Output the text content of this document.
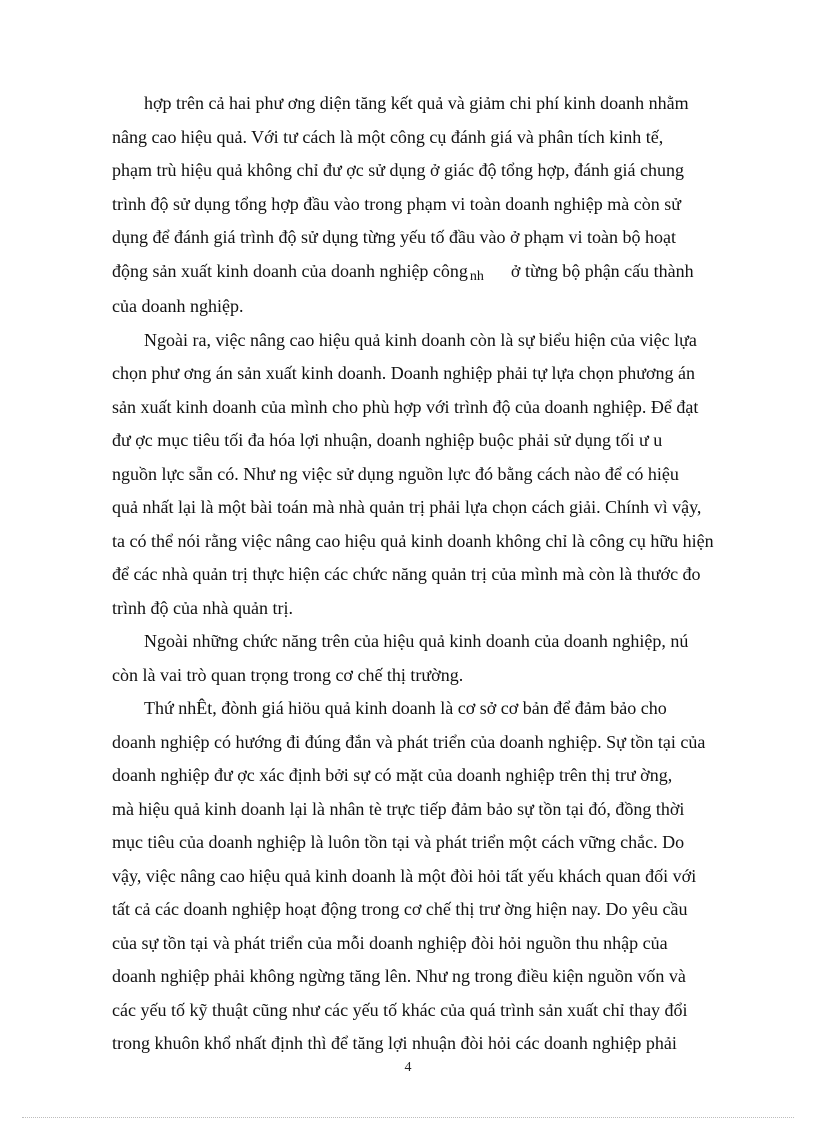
hợp trên cả hai phư ơng diện tăng kết quả và giảm chi phí kinh doanh nhằm
nâng cao hiệu quả. Với tư cách là một công cụ đánh giá và phân tích kinh tế,
phạm trù hiệu quả không chỉ đư ợc sử dụng ở giác độ tổng hợp, đánh giá chung
trình độ sử dụng tổng hợp đầu vào trong phạm vi toàn doanh nghiệp mà còn sử
dụng để đánh giá trình độ sử dụng từng yếu tố đầu vào ở phạm vi toàn bộ hoạt
động sản xuất kinh doanh của doanh nghiệp công nh ở từng bộ phận cấu thành
của doanh nghiệp.
Ngoài ra, việc nâng cao hiệu quả kinh doanh còn là sự biểu hiện của việc lựa
chọn phư ơng án sản xuất kinh doanh. Doanh nghiệp phải tự lựa chọn phương án
sản xuất kinh doanh của mình cho phù hợp với trình độ của doanh nghiệp. Để đạt
đư ợc mục tiêu tối đa hóa lợi nhuận, doanh nghiệp buộc phải sử dụng tối ư u
nguồn lực sẵn có. Như ng việc sử dụng nguồn lực đó bằng cách nào để có hiệu
quả nhất lại là một bài toán mà nhà quản trị phải lựa chọn cách giải. Chính vì vậy,
ta có thể nói rằng việc nâng cao hiệu quả kinh doanh không chỉ là công cụ hữu hiện
để các nhà quản trị thực hiện các chức năng quản trị của mình mà còn là thước đo
trình độ của nhà quản trị.
Ngoài những chức năng trên của hiệu quả kinh doanh của doanh nghiệp, nú
còn là vai trò quan trọng trong cơ chế thị trường.
Thứ nhÊt, đònh giá hiöu quả kinh doanh là cơ sở cơ bản để đảm bảo cho
doanh nghiệp có hướng đi đúng đắn và phát triển của doanh nghiệp. Sự tồn tại của
doanh nghiệp đư ợc xác định bởi sự có mặt của doanh nghiệp trên thị trư ờng,
mà hiệu quả kinh doanh lại là nhân tè trực tiếp đảm bảo sự tồn tại đó, đồng thời
mục tiêu của doanh nghiệp là luôn tồn tại và phát triển một cách vững chắc. Do
vậy, việc nâng cao hiệu quả kinh doanh là một đòi hỏi tất yếu khách quan đối với
tất cả các doanh nghiệp hoạt động trong cơ chế thị trư ờng hiện nay. Do yêu cầu
của sự tồn tại và phát triển của mỗi doanh nghiệp đòi hỏi nguồn thu nhập của
doanh nghiệp phải không ngừng tăng lên. Như ng trong điều kiện nguồn vốn và
các yếu tố kỹ thuật cũng như các yếu tố khác của quá trình sản xuất chỉ thay đổi
trong khuôn khổ nhất định thì để tăng lợi nhuận đòi hỏi các doanh nghiệp phải
4
